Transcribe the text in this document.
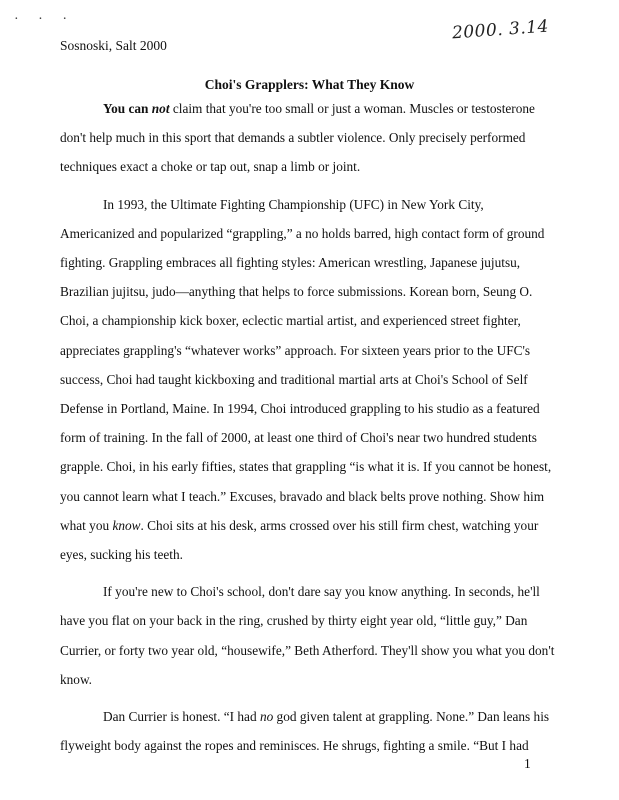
· · ·
Sosnoski, Salt 2000
2000. 3.14
Choi's Grapplers: What They Know

You can not claim that you're too small or just a woman. Muscles or testosterone don't help much in this sport that demands a subtler violence. Only precisely performed techniques exact a choke or tap out, snap a limb or joint.

In 1993, the Ultimate Fighting Championship (UFC) in New York City, Americanized and popularized “grappling,” a no holds barred, high contact form of ground fighting. Grappling embraces all fighting styles: American wrestling, Japanese jujutsu, Brazilian jujitsu, judo—anything that helps to force submissions. Korean born, Seung O. Choi, a championship kick boxer, eclectic martial artist, and experienced street fighter, appreciates grappling's “whatever works” approach. For sixteen years prior to the UFC's success, Choi had taught kickboxing and traditional martial arts at Choi's School of Self Defense in Portland, Maine. In 1994, Choi introduced grappling to his studio as a featured form of training. In the fall of 2000, at least one third of Choi's near two hundred students grapple. Choi, in his early fifties, states that grappling “is what it is. If you cannot be honest, you cannot learn what I teach.” Excuses, bravado and black belts prove nothing. Show him what you know. Choi sits at his desk, arms crossed over his still firm chest, watching your eyes, sucking his teeth.

If you're new to Choi's school, don't dare say you know anything. In seconds, he'll have you flat on your back in the ring, crushed by thirty eight year old, “little guy,” Dan Currier, or forty two year old, “housewife,” Beth Atherford. They'll show you what you don't know.

Dan Currier is honest. “I had no god given talent at grappling. None.” Dan leans his flyweight body against the ropes and reminisces. He shrugs, fighting a smile. “But I had

1
